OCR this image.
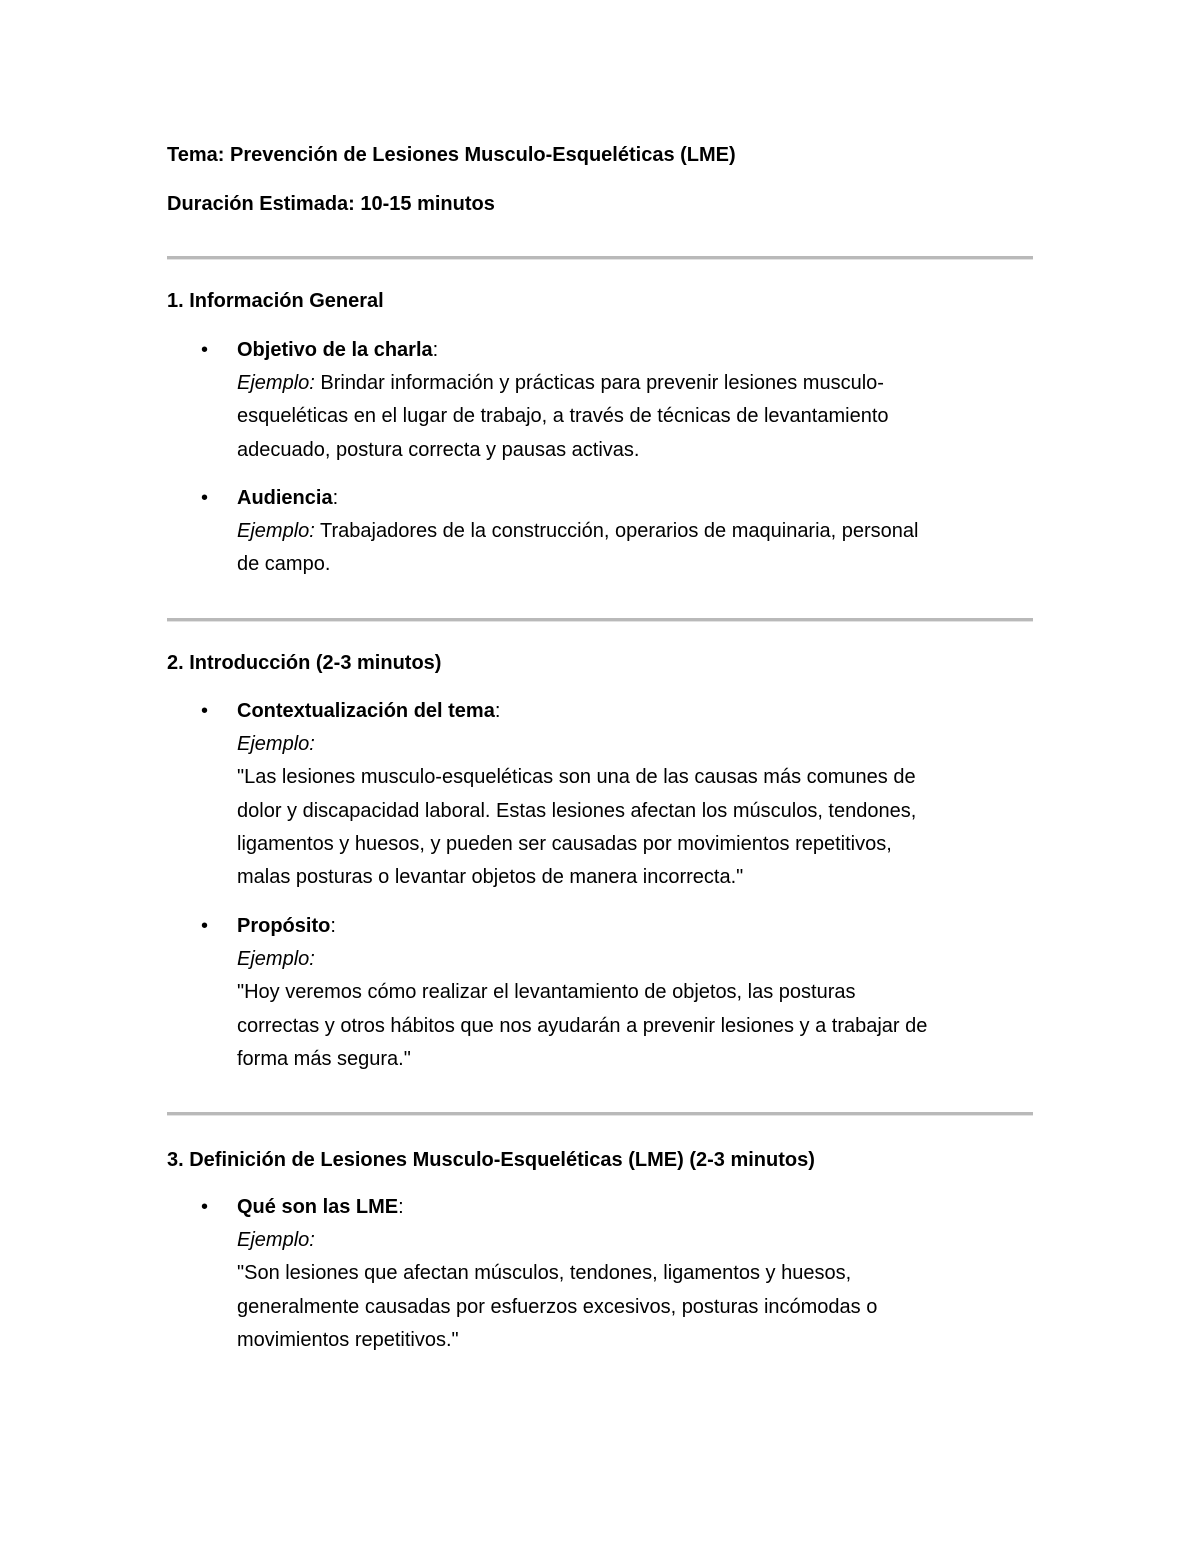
Tema: Prevención de Lesiones Musculo-Esqueléticas (LME)
Duración Estimada: 10-15 minutos
1. Información General
• Objetivo de la charla:
Ejemplo: Brindar información y prácticas para prevenir lesiones musculo-
esqueléticas en el lugar de trabajo, a través de técnicas de levantamiento
adecuado, postura correcta y pausas activas.
• Audiencia:
Ejemplo: Trabajadores de la construcción, operarios de maquinaria, personal
de campo.
2. Introducción (2-3 minutos)
• Contextualización del tema:
Ejemplo:
"Las lesiones musculo-esqueléticas son una de las causas más comunes de
dolor y discapacidad laboral. Estas lesiones afectan los músculos, tendones,
ligamentos y huesos, y pueden ser causadas por movimientos repetitivos,
malas posturas o levantar objetos de manera incorrecta."
• Propósito:
Ejemplo:
"Hoy veremos cómo realizar el levantamiento de objetos, las posturas
correctas y otros hábitos que nos ayudarán a prevenir lesiones y a trabajar de
forma más segura."
3. Definición de Lesiones Musculo-Esqueléticas (LME) (2-3 minutos)
• Qué son las LME:
Ejemplo:
"Son lesiones que afectan músculos, tendones, ligamentos y huesos,
generalmente causadas por esfuerzos excesivos, posturas incómodas o
movimientos repetitivos."
